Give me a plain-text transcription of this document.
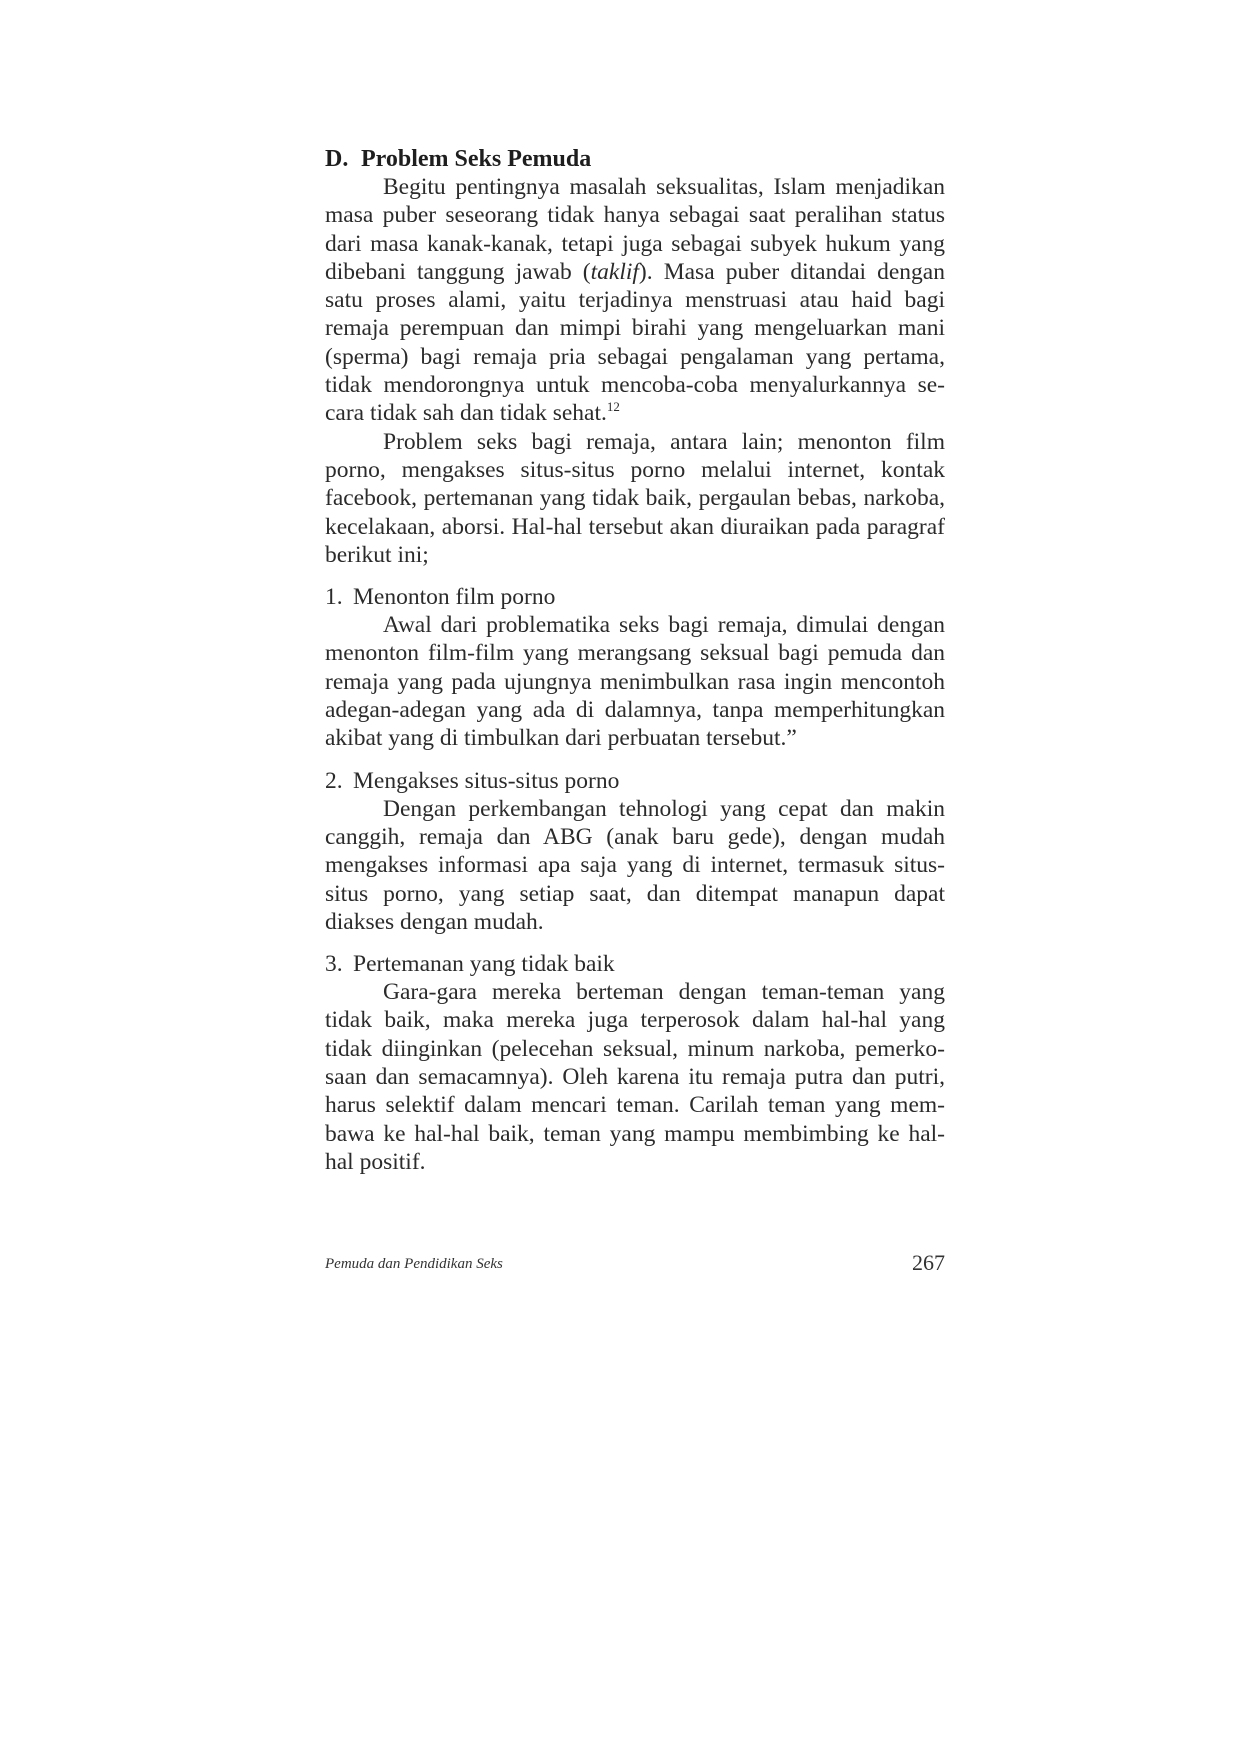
D. Problem Seks Pemuda

Begitu pentingnya masalah seksualitas, Islam menjadikan masa puber seseorang tidak hanya sebagai saat peralihan status dari masa kanak-kanak, tetapi juga sebagai subyek hukum yang dibebani tanggung jawab (taklif). Masa puber ditandai dengan satu proses alami, yaitu terjadinya menstruasi atau haid bagi remaja perempuan dan mimpi birahi yang mengeluarkan mani (sperma) bagi remaja pria sebagai pengalaman yang pertama, tidak mendorongnya untuk mencoba-coba menyalurkannya se-cara tidak sah dan tidak sehat.$^{12}$

Problem seks bagi remaja, antara lain; menonton film porno, mengakses situs-situs porno melalui internet, kontak facebook, pertemanan yang tidak baik, pergaulan bebas, narkoba, kecelakaan, aborsi. Hal-hal tersebut akan diuraikan pada paragraf berikut ini;

1. Menonton film porno

Awal dari problematika seks bagi remaja, dimulai dengan menonton film-film yang merangsang seksual bagi pemuda dan remaja yang pada ujungnya menimbulkan rasa ingin mencontoh adegan-adegan yang ada di dalamnya, tanpa memperhitungkan akibat yang di timbulkan dari perbuatan tersebut.”

2. Mengakses situs-situs porno

Dengan perkembangan tehnologi yang cepat dan makin canggih, remaja dan ABG (anak baru gede), dengan mudah mengakses informasi apa saja yang di internet, termasuk situs-situs porno, yang setiap saat, dan ditempat manapun dapat diakses dengan mudah.

3. Pertemanan yang tidak baik

Gara-gara mereka berteman dengan teman-teman yang tidak baik, maka mereka juga terperosok dalam hal-hal yang tidak diinginkan (pelecehan seksual, minum narkoba, pemerko-saan dan semacamnya). Oleh karena itu remaja putra dan putri, harus selektif dalam mencari teman. Carilah teman yang mem-bawa ke hal-hal baik, teman yang mampu membimbing ke hal-hal positif.

Pemuda dan Pendidikan Seks	267
